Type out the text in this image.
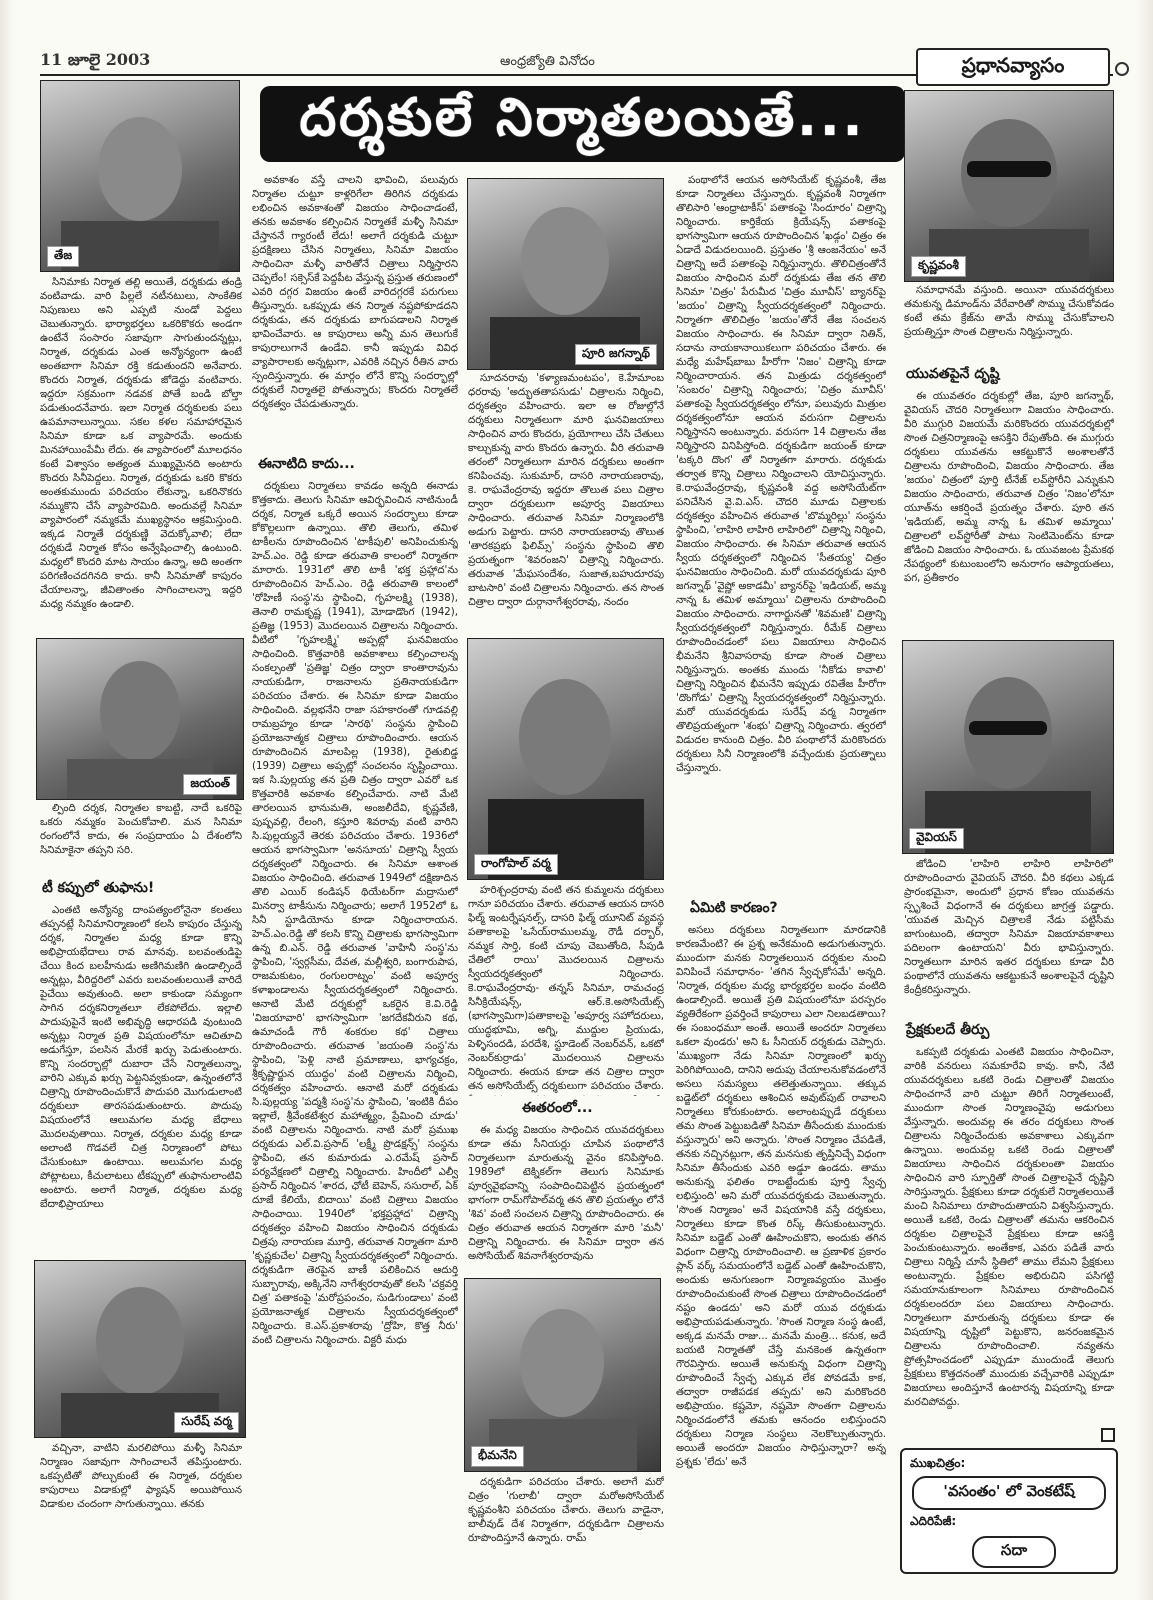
11 జూలై 2003	ఆంధ్రజ్యోతి వినోదం	ప్రధానవ్యాసం
దర్శకులే నిర్మాతలయితే...
తేజ
జయంత్
సురేష్ వర్మ
పూరి జగన్నాథ్
రాంగోపాల్ వర్మ
భీమనేని
కృష్ణవంశీ
వైవియస్

సినిమాకు నిర్మాత తల్లి అయితే, దర్శకుడు తండ్రి వంటివాడు. వారి పిల్లలే నటీనటులు, సాంకేతిక నిపుణులు అని ఎప్పటి నుండో పెద్దలు చెబుతున్నారు. భార్యాభర్తలు ఒకరికొకరు అండగా ఉంటేనే సంసారం సజావుగా సాగుతుందన్నట్లు, నిర్మాత, దర్శకుడు ఎంత అన్యోన్యంగా ఉంటే అంతబాగా సినిమా రక్తి కడుతుందని అనేవారు. కొందరు నిర్మాత, దర్శకుడు జోడెద్దు వంటివారు. ఇద్దరూ సక్రమంగా నడవక పోతే బండి బోల్తా పడుతుందనేవారు. ఇలా నిర్మాత దర్శకులకు పలు ఉపమానాలున్నాయి. సకల కళల సమాహారమైన సినిమా కూడా ఒక వ్యాపారమే. అందుకు మినహాయింపేమీ లేదు. ఈ వ్యాపారంలో మూలధనం కంటే విశ్వాసం అత్యంత ముఖ్యమైనది అంటారు కొందరు సినీపెద్దలు. నిర్మాత, దర్శకుడు ఒకరి కొకరు అంతకుముందు పరిచయం లేకున్నా, ఒకరినొకరు నమ్ముకొని చేసే వ్యాపారమిది. అందువల్లే సినిమా వ్యాపారంలో నమ్మకమే ముఖ్యస్థానం ఆక్రమిస్తుంది. ఇక్కడ నిర్మాతే దర్శకుణ్ణి వెదుక్కోవాలి; లేదా దర్శకుడే నిర్మాత కోసం అన్వేషించాల్సి ఉంటుంది. మధ్యలో కొందరి మాట సాయం ఉన్నా, అది అంతగా పరిగణించదగినది కాదు. కానీ సినిమాతో కాపురం చేయాలన్నా, జీవితాంతం సాగించాలన్నా ఇద్దరి మధ్య నమ్మకం ఉండాలి.

ల్పింది దర్శక, నిర్మాతల కాబట్టి, నాదే ఒకరిపై ఒకరు నమ్మకం పెంచుకోవాలి. మన సినిమా రంగంలోనే కాదు, ఈ సంప్రదాయం ఏ దేశంలోని సినిమాకైనా తప్పని సరి.

టీ కప్పులో తుఫాను!

ఎంతటి అన్యోన్య దాంపత్యంలోనైనా కలతలు తప్పనట్లే సినిమానిర్మాణంలో కలసి కాపురం చేస్తున్న దర్శక, నిర్మాతల మధ్య కూడా కొన్ని అభిప్రాయభేదాలు రావ మానవు. బలవంతుడిపై చేయి కింద బలహీనుడు అణిగిమణిగి ఉండాల్సిందే అన్నట్లు, వీరిద్దరిలో ఎవరు బలవంతులయితే వారిదే పైచేయి అవుతుంది. అలా కాకుండా సమ్యంగా సాగిన దర్శకనిర్మాతలూ లేకపోలేదు. ఇల్లాలి పాదుపుపైనే ఇంటి అభివృద్ధి ఆధారపడి వుంటుంది అన్నట్లు నిర్మాత ప్రతి విషయంలోనూ ఆచితూచి అడుగేస్తూ, పలసిన మేరకే ఖర్చు పెడుతుంటారు. కొన్ని సందర్భాల్లో దుబారా చేసే నిర్మాతలున్నా, వారిని ఎక్కువ ఖర్చు పెట్టనివ్వకుండా, ఉన్నంతలోనే చిత్రాన్ని రూపొందించుకొనే పొదుపరి మొగుడులాంటి దర్శకులూ తారసపడుతుంటారు. పొదుపు విషయంలోనే ఆలుమగల మధ్య బేధాలు మొదలవుతాయి. నిర్మాత, దర్శకుల మధ్య కూడా అలాంటి గొడవలే చిత్ర నిర్మాణంలో పోటు చేసుకుంటూ ఉంటాయి. అలుమగల మధ్య పోట్లాటలు, కీచులాటలు టీకప్పులో తుఫానులాంటివి అంటారు. అలాగే నిర్మాత, దర్శకుల మధ్య బేదాభిప్రాయాలు

వచ్చినా, వాటిని మరలిపోయి మళ్ళీ సినిమా నిర్మాణం సజావుగా సాగించాలనే తపిస్తుంటారు. ఒకప్పటితో పోల్చుకుంటే ఈ నిర్మాత, దర్శకుల కాపురాలు విడాకుల్లో ఫ్యాషన్ అయిపోయిన విడాకుల చందంగా సాగుతున్నాయి. తనకు

అవకాశం వస్తే చాలని భావించి, పలువురు నిర్మాతల చుట్టూ కాళ్లరిగేలా తిరిగిన దర్శకుడు లభించిన అవకాశంతో విజయం సాధించాడంటే, తనకు అవకాశం కల్పించిన నిర్మాతకే మళ్ళీ సినిమా చేస్తాననే గ్యారంటీ లేదు! అలాగే దర్శకుడి చుట్టూ ప్రదక్షిణలు చేసిన నిర్మాతలు, సినిమా విజయం సాధించినా మళ్ళీ వారితోనే చిత్రాలు నిర్మిస్తారని చెప్పలేం! సక్సెస్‌కే పెద్దపీట వేస్తున్న ప్రస్తుత తరుణంలో ఎవరి దగ్గర విజయం ఉంటే వారిదగ్గరకే పరుగులు తీస్తున్నారు. ఒకప్పుడు తన నిర్మాత నష్టపోకూడదని దర్శకుడు, తన దర్శకుడు బాగుపడాలని నిర్మాత భావించేవారు. ఆ కాపురాలు అన్నీ మన తెలుగుకే కాపురాలుగానే ఉండేవి. కానీ ఇప్పుడు వివిధ వ్యాపారాలకు అన్నట్లుగా, ఎవరికి నచ్చిన రీతిన వారు స్పందిస్తున్నారు. ఈ మార్గం లోనే కొన్ని సందర్భాల్లో దర్శకులే నిర్మాతలై పోతున్నారు; కొందరు నిర్మాతలే దర్శకత్వం చేపడుతున్నారు.

ఈనాటిది కాదు...

దర్శకులు నిర్మాతలు కావడం అన్నది ఈనాడు కొత్తకాదు. తెలుగు సినిమా ఆవిర్భవించిన నాటినుండీ దర్శక, నిర్మాత ఒక్కరే అయిన సందర్భాలు కూడా కోకొల్లలుగా ఉన్నాయి. తొలి తెలుగు, తమిళ టాకీలను రూపొందించిన 'టాకీపులి' అనిపించుకున్న హెచ్.ఎం. రెడ్డి కూడా తరువాతి కాలంలో నిర్మాతగా మారారు. 1931లో తొలి టాకీ 'భక్త ప్రహ్లాద'ను రూపొందించిన హెచ్.ఎం. రెడ్డి తరువాతి కాలంలో 'రోహిణీ సంస్థ'ను స్థాపించి, గృహలక్ష్మి (1938), తెనాలి రామకృష్ణ (1941), మోడాడొంగ (1942), ప్రతిజ్ఞ (1953) మొదలయిన చిత్రాలను నిర్మించారు. వీటిలో 'గృహలక్ష్మి' అప్పట్లో ఘనవిజయం సాధించింది. కొత్తవారికి అవకాశాలు కల్పించాలన్న సంకల్పంతో 'ప్రతిజ్ఞ' చిత్రం ద్వారా కాంతారావును నాయకుడిగా, రాజనాలను ప్రతినాయకుడిగా పరిచయం చేశారు. ఈ సినిమా కూడా విజయం సాధించింది. వల్లభనేని రాజా సహకారంతో గూడవల్లి రామబ్రహ్మం కూడా 'సారథి' సంస్థను స్థాపించి ప్రయోజనాత్మక చిత్రాలు రూపొందించారు. ఆయన రూపొందించిన మాలపిల్ల (1938), రైతుబిడ్డ (1939) చిత్రాలు అప్పట్లో సంచలనం సృష్టించాయి. ఇక సి.పుల్లయ్య తన ప్రతి చిత్రం ద్వారా ఎవరో ఒక కొత్తవారికి అవకాశం కల్పించేవారు. నాటి మేటి తారలయిన భానుమతి, అంజలీదేవి, కృష్ణవేణి, పుష్పవల్లి, రేలంగి, కస్తూరి శివరావు వంటి వారిని సి.పుల్లయ్యనే తెరకు పరిచయం చేశారు. 1936లో ఆయన భాగస్వామిగా 'అనసూయ' చిత్రాన్ని స్వీయ దర్శకత్వంలో నిర్మించారు. ఈ సినిమా ఆశాంత విజయం సాధించింది. తరువాత 1949లో దక్షిణాదిన తొలి ఎయిర్ కండిషన్ థియేటర్‌గా మద్రాసులో మినర్వా టాకీసును నిర్మించారు; అలాగే 1952లో ఓ సినీ స్టూడియోను కూడా నిర్మించారాయన. హెచ్.ఎం.రెడ్డి తో కలసి కొన్ని చిత్రాలకు భాగస్వామిగా ఉన్న బి.ఎన్. రెడ్డి తరువాత 'వాహినీ సంస్థ'ను స్థాపించి, 'స్వర్గసీమ, దేవత, మల్లీశ్వరి, బంగారుపాప, రాజమకుటం, రంగులరాట్నం' వంటి అపూర్వ కళాఖండాలను స్వీయదర్శకత్వంలో నిర్మించారు. ఆనాటి మేటి దర్శకుల్లో ఒకరైన కె.వి.రెడ్డి 'విజయావారి' భాగస్వామిగా 'జగదేకవీరుని కథ, ఉమాచండీ గౌరీ శంకరుల కథ' చిత్రాలు రూపొందించారు. తరువాత 'జయంతి సంస్థ'ను స్థాపించి, 'పెళ్లి నాటి ప్రమాణాలు, భాగ్యచక్రం, శ్రీకృష్ణార్జున యుద్ధం' వంటి చిత్రాలను నిర్మించి, దర్శకత్వం వహించారు. ఆనాటి మరో దర్శకుడు సి.పుల్లయ్య 'పద్మశ్రీ సంస్థ'ను స్థాపించి, 'ఇంటికి దీపం ఇల్లాలే, శ్రీవేంకటేశ్వర మహాత్మ్యం, ప్రేమించి చూడు' వంటి చిత్రాలను నిర్మించారు. నాటి మరో ప్రముఖ దర్శకుడు ఎల్.వి.ప్రసాద్ 'లక్ష్మీ ప్రొడక్షన్స్' సంస్థను స్థాపించి, తన కుమారుడు ఎ.రమేష్ ప్రసాద్ పర్యవేక్షణలో చిత్రాల్ని నిర్మించారు. హిందీలో ఎల్వీ ప్రసాద్ నిర్మించిన 'శారద, ఛోటీ బెహెన్, ససురాల్, ఏక్ దూజే కేలియే, బిదాయి' వంటి చిత్రాలు విజయం సాధించాయి. 1940లో 'భక్తప్రహ్లాద' చిత్రాన్ని దర్శకత్వం వహించి విజయం సాధించిన దర్శకుడు చిత్రపు నారాయణ మూర్తి, తరువాత నిర్మాతగా మారి 'కృష్ణకుచేల' చిత్రాన్ని స్వీయదర్శకత్వంలో నిర్మించారు. దర్శకుడిగా తెరపైన బాణీ పలికించిన ఆదుర్తి సుబ్బారావు, అక్కినేని నాగేశ్వరరావుతో కలసి 'చక్రవర్తి చిత్ర' పతాకంపై 'మరోప్రపంచం, సుడిగుండాలు' వంటి ప్రయోజనాత్మక చిత్రాలను స్వీయదర్శకత్వంలో నిర్మించారు. కె.ఎస్.ప్రకాశరావు 'ద్రోహి, కొత్త నీరు' వంటి చిత్రాలను నిర్మించారు. విక్టరీ మధు

సూదనరావు 'కళ్యాణమంటపం', కె.హేమాంబ ధరరావు 'అద్భుతతాపసుడు' చిత్రాలను నిర్మించి, దర్శకత్వం వహించారు. ఇలా ఆ రోజుల్లోనే దర్శకులు నిర్మాతలుగా మారి ఘనవిజయాలు సాధించిన వారు కొందరు, ప్రయోగాలు చేసి చేతులు కాల్చుకున్న వారు కొందరు ఉన్నారు. వీరి తరువాతి తరంలో నిర్మాతలుగా మారిన దర్శకులు అంతగా కనిపించవు. సుకుమార్, దాసరి నారాయణరావు, కె. రాఘవేంద్రరావు ఇద్దరూ తొలుత పలు చిత్రాల ద్వారా దర్శకులుగా అపూర్వ విజయాలు సాధించారు. తరువాత సినిమా నిర్మాణంలోకి అడుగు పెట్టారు. దాసరి నారాయణరావు తొలుత 'తారకప్రభు ఫిలిమ్స్' సంస్థను స్థాపించి తొలి ప్రయత్నంగా 'శివరంజని' చిత్రాన్ని నిర్మించారు. తరువాత 'మేఘసందేశం, సుజాత,బహుదూరపు బాటసారి' వంటి చిత్రాలను నిర్మించారు. తన సొంత చిత్రాల ద్వారా దుర్గానాగేశ్వరరావు, నందం

హరిశ్చంద్రరావు వంటి తన కుమ్మలను దర్శకులు గానూ పరిచయం చేశారు. తరువాత ఆయన దాసరి ఫిల్మ్ ఇంటర్నేషనల్స్, దాసరి ఫిల్మ్ యూనిట్ వ్యవస్థ పతాకాలపై 'ఒసేయ్‌రాములమ్మ, రౌడీ దర్బార్, నమ్మక సార్తి, కంటి చూపు చెబుతోంది, సీపుడి చేతిలో రాయి' మొదలయిన చిత్రాలను స్వీయదర్శకత్వంలో నిర్మించారు. కె.రాఘవేంద్రరావు- తన్నస్ సినిమా, రామచంద్ర సినీక్రియేషన్స్, ఆర్.కె.అసోసియేట్స్ (భాగస్వామిగా)పతాకాలపై 'అపూర్వ సహోదరులు, యుద్ధభూమి, అగ్ని, ముద్దుల ప్రియుడు, పెళ్ళిసందడి, పరదేశి, స్టూడెంట్ నెంబర్‌వన్, ఒకటో నెంబర్‌కుర్రాడు' మొదలయిన చిత్రాలను నిర్మించారు. ఈయన కూడా తన చిత్రాల ద్వారా తన అసోసియేట్స్ దర్శకులుగా పరిచయం చేశారు.

ఈతరంలో...

ఈ మధ్య విజయం సాధించిన యువదర్శకులు కూడా తమ సీనియర్లు చూపిన పంథాలోనే నిర్మాతలుగా మారుతున్న వైనం కనిపిస్తోంది. 1989లో టెక్నికల్‌గా తెలుగు సినిమాకు పూర్వవైభవాన్ని సంపాదించిపెట్టిన ప్రయత్నంలో భాగంగా రామ్‌గోపాల్‌వర్మ తన తొలి ప్రయత్నం లోనే 'శివ' వంటి సంచలన చిత్రాన్ని రూపొందించారు. ఈ చిత్రం తరువాత ఆయన నిర్మాతగా మారి 'మనీ' చిత్రాన్ని నిర్మించారు. ఈ సినిమా ద్వారా తన అసోసియేట్ శివనాగేశ్వరరావును

దర్శకుడిగా పరిచయం చేశారు. అలాగే మరో చిత్రం 'గులాబీ' ద్వారా మరోఅసోసియేట్ కృష్ణవంశీని పరిచయం చేశారు. తెలుగు వాడైనా, బాలీవుడ్ దేశ నిర్మాతగా, దర్శకుడిగా చిత్రాలను రూపొందిస్తూనే ఉన్నారు. రామ్

పంథాలోనే ఆయన అసోసియేట్ కృష్ణవంశీ, తేజ కూడా నిర్మాతలు చేస్తున్నారు. కృష్ణవంశీ నిర్మాతగా తొలిసారి 'ఆంధ్రాటాకీస్' పతాకంపై 'సిందూరం' చిత్రాన్ని నిర్మించారు. కార్తికేయ క్రియేషన్స్ పతాకంపై భాగస్వామిగా ఆయన రూపొందించిన 'ఖడ్గం' చిత్రం ఈ ఏడాదే విడుదలయింది. ప్రస్తుతం 'శ్రీ ఆంజనేయం' అనే చిత్రాన్ని అదే పతాకంపై నిర్మిస్తున్నారు. తొలిచిత్రంతోనే విజయం సాధించిన మరో దర్శకుడు తేజ తన తొలి సినిమా 'చిత్రం' పేరుమీద 'చిత్రం మూవీస్' బ్యానర్‌పై 'జయం' చిత్రాన్ని స్వీయదర్శకత్వంలో నిర్మించారు. నిర్మాతగా తొలిచిత్రం 'జయం'తోనే తేజ సంచలన విజయం సాధించారు. ఈ సినిమా ద్వారా నితిన్, సదాను నాయకానాయికలుగా పరిచయం చేశారు. ఈ మధ్యే మహేష్‌బాబు హీరోగా 'నిజం' చిత్రాన్ని కూడా నిర్మించారాయన. తన మిత్రుడు దర్శకత్వంలో 'సంబరం' చిత్రాన్ని నిర్మించారు; 'చిత్రం మూవీస్' పతాకంపై స్వీయదర్శకత్వం లోనూ, పలువురు మిత్రుల దర్శకత్వంలోనూ ఆయన వరుసగా చిత్రాలను నిర్మిస్తానని అంటున్నారు. వరుసగా 14 చిత్రాలను తేజ నిర్మిస్తారని వినిపిస్తోంది. దర్శకుడిగా జయంత్ కూడా 'టక్కరి దొంగ' తో నిర్మాతగా మారారు. దర్శకుడు తర్వాత కొన్ని చిత్రాలు నిర్మించాలని యోచిస్తున్నారు. కె.రాఘవేంద్రరావు, కృష్ణవంశీ వద్ద అసోసియేట్‌గా పనిచేసిన వై.వి.ఎస్. చౌదరి మూడు చిత్రాలకు దర్శకత్వం వహించిన తరువాత 'బొమ్మరిల్లు' సంస్థను స్థాపించి, 'లాహిరి లాహిరి లాహిరిలో' చిత్రాన్ని నిర్మించి, విజయం సాధించారు. ఈ సినిమా తరువాత ఆయన స్వీయ దర్శకత్వంలో నిర్మించిన 'సీతయ్య' చిత్రం ఘనవిజయం సాధించింది. మరో యువదర్శకుడు పూరి జగన్నాథ్ 'వైష్ణో అకాడమీ' బ్యానర్‌పై 'ఇడియట్, అమ్మ నాన్న ఓ తమిళ అమ్మాయి' చిత్రాలను రూపొందించి విజయం సాధించారు. నాగార్జునతో 'శివమణి' చిత్రాన్ని స్వీయదర్శకత్వంలో నిర్మిస్తున్నారు. రీమేక్ చిత్రాలు రూపొందించడంలో పలు విజయాలు సాధించిన భీమనేని శ్రీనివాసరావు కూడా సొంత చిత్రాలు నిర్మిస్తున్నారు. అంతకు ముందు 'నీకోడు కావాలి' చిత్రాన్ని నిర్మించిన భీమనేని ఇప్పుడు రవితేజ హీరోగా 'దొంగోడు' చిత్రాన్ని స్వీయదర్శకత్వంలో నిర్మిస్తున్నారు. మరో యువదర్శకుడు సురేష్ వర్మ నిర్మాతగా తొలిప్రయత్నంగా 'శంభు' చిత్రాన్ని నిర్మించారు. త్వరలో విడుదల కానుంది చిత్రం. వీరి పంథాలోనే మరికొందరు దర్శకులు సినీ నిర్మాణంలోకి వచ్చేందుకు ప్రయత్నాలు చేస్తున్నారు.

ఏమిటి కారణం?

అసలు దర్శకులు నిర్మాతలుగా మారడానికి కారణమేంటి? ఈ ప్రశ్న అనేకమంది అడుగుతున్నారు. ముందుగా మనకు నిర్మాతలయిన దర్శకుల నుంచి వినిపించే సమాధానం- 'తగిన స్వేచ్ఛకోసమే' అన్నది. 'నిర్మాత, దర్శకుల మధ్య భార్యభర్తల బంధం వంటిది ఉండాల్సిందే. అయితే ప్రతి విషయంలోనూ పరస్పరం వ్యతిరేకంగా ప్రవర్తించే కాపురాలు ఎలా నిలబడతాయి? ఈ సంబంధమూ అంతే. అయితే అందరూ నిర్మాతలు ఒకలా వుండరు' అని ఓ సీనియర్ దర్శకుడు చెప్పారు. 'ముఖ్యంగా నేడు సినిమా నిర్మాణంలో ఖర్చు పెరిగిపోయింది, దానిని అదుపు చేయాలనుకోవడంలోనే అసలు సమస్యలు తలెత్తుతున్నాయి. తక్కువ బడ్జెట్‌లో దర్శకులు ఆశించిన అవుట్‌పుట్ రావాలని నిర్మాతలు కోరుకుంటారు. అలాంటప్పుడే దర్శకులు తమ సొంత పెట్టుబడితో సినిమా తీసేందుకు ముందుకు వస్తున్నారు' అని అన్నారు. 'సొంత నిర్మాణం చేపడితే, తనకు నచ్చినట్లుగా, తన మనసుకు తృప్తినిచ్చే విధంగా సినిమా తీసేందుకు ఎవరి అడ్డూ ఉండదు. తాము అనుకున్న ఫలితం రాబట్టేందుకు పూర్తి స్వేచ్ఛ లభిస్తుంది' అని మరో యువదర్శకుడు చెబుతున్నారు. 'సొంత నిర్మాణం' అనే విషయానికి వస్తే దర్శకులు, నిర్మాతలు కూడా కొంత రిస్క్ తీసుకుంటున్నారు. సినిమా బడ్జెట్ ఎంతో ఊహించుకొని, అందుకు తగిన విధంగా చిత్రాన్ని రూపొందించాలి. ఆ ప్రణాళిక ప్రకారం ప్లాన్ వర్క్ సమయంలోనే బడ్జెట్ ఎంతో ఊహించుకొని, అందుకు అనుగుణంగా నిర్మాణవ్యయం మొత్తం రూపొందించుకుంటే సొంత చిత్రాలు రూపొందించడంలో నష్టం ఉండదు' అని మరో యువ దర్శకుడు అభిప్రాయపడుతున్నారు. 'సొంత నిర్మాణ సంస్థ ఉంటే, అక్కడ మనమే రాజు... మనమే మంత్రి... కనుక, అదే బయటి నిర్మాతతో చేస్తే మనకెంత ఉన్నతంగా గౌరవిస్తారు. అయితే అనుకున్న విధంగా చిత్రాన్ని రూపొందించే స్వేచ్ఛ ఎక్కువ లేక పోవడమే కాక, తద్వారా రాజీపడక తప్పదు' అని మరికొందరి అభిప్రాయం. కష్టమో, నష్టమో సొంతగా చిత్రాలను నిర్మించడంలోనే తమకు ఆనందం లభిస్తుందని దర్శకులు నిర్మాణ సంస్థలు నెలకొల్పుతున్నారు. అయితే అందరూ విజయం సాధిస్తున్నారా? అన్న ప్రశ్నకు 'లేదు' అనే

సమాధానమే వస్తుంది. అయినా యువదర్శకులు తమకున్న డిమాండ్‌ను వేరేవారితో సొమ్ము చేసుకోవడం కంటే తమ క్రేజ్‌ను తామే సొమ్ము చేసుకోవాలని ప్రయత్నిస్తూ సొంత చిత్రాలను నిర్మిస్తున్నారు.

యువతపైనే దృష్టి

ఈ యువతరం దర్శకుల్లో తేజ, పూరి జగన్నాథ్, వైవియస్ చౌదరి నిర్మాతలుగా విజయం సాధించారు. వీరి ముగ్గురి విజయమే మరికొందరు యువదర్శకుల్లో సొంత చిత్రనిర్మాణంపై ఆసక్తిని రేపుతోంది. ఈ ముగ్గురు దర్శకులు యువతను ఆకట్టుకొనే అంశాలతోనే చిత్రాలను రూపొందించి, విజయం సాధించారు. తేజ 'జయం' చిత్రంలో పూర్తి టీనేజ్ లవ్‌స్టోరీని ఎన్నుకుని విజయం సాధించారు, తరువాత చిత్రం 'నిజం'లోనూ యూత్‌ను ఆకర్షించే ప్రయత్నం చేశారు. పూరి తన 'ఇడియట్, అమ్మ నాన్న ఓ తమిళ అమ్మాయి' చిత్రాలలో లవ్‌స్టోరీతో పాటు సెంటిమెంట్‌ను కూడా జోడించి విజయం సాధించారు. ఓ యువజంట ప్రేమకథ నేపథ్యంలో కుటుంబంలోని అనురాగం ఆప్యాయతలు, పగ, ప్రతీకారం

జోడించి 'లాహిరి లాహిరి లాహిరిలో' రూపొందించారు వైవియస్ చౌదరి. వీరి కథలు ఎక్కడ ప్రారంభమైనా, అందులో ప్రధాన కోణం యువతను స్పృశించే విధంగానే ఈ దర్శకులు జాగ్రత్త పడ్డారు. 'యువత మెచ్చిన చిత్రాలకే నేడు పట్టిసీమ బాగుంటుంది, తద్వారా సినిమా విజయావకాశాలు పదిలంగా ఉంటాయని' వీరు భావిస్తున్నారు. నిర్మాతలుగా మారిన ఇతర దర్శకులు కూడా వీరి పంథాలోనే యువతను ఆకట్టుకునే అంశాలపైనే దృష్టిని కేంద్రీకరిస్తున్నారు.

ప్రేక్షకులదే తీర్పు

ఒకప్పటి దర్శకుడు ఎంతటి విజయం సాధించినా, వారికి వనరులు సమకూరేవి కావు. కానీ, నేటి యువదర్శకులు ఒకటి రెండు చిత్రాలతో విజయం సాధించగానే వారి చుట్టూ తిరిగే నిర్మాతలుంటే, ముందుగా సొంత నిర్మాణంవైపు అడుగులు వేస్తున్నారు. అందువల్ల ఈ తరం దర్శకులు సొంత చిత్రాలను నిర్మించేందుకు అవకాశాలు ఎక్కువగా ఉన్నాయి. అందువల్ల ఒకటి రెండు చిత్రాలతో విజయాలు సాధించిన దర్శకులంతా విజయం సాధించిన వారి స్ఫూర్తితో సొంత చిత్రాలపైనే దృష్టిని సారిస్తున్నారు. ప్రేక్షకులు కూడా దర్శకులే నిర్మాతలయితే మంచి సినిమాలు రూపొందుతాయని విశ్వసిస్తున్నారు. అయితే ఒకటి, రెండు చిత్రాలతో తమను ఆకరించిన దర్శకుల చిత్రాలపైనే ప్రేక్షకులు కూడా ఆసక్తి పెంచుకుంటున్నారు. అంతేకాక, ఎవరు పడితే వారు చిత్రాలు నిర్మిస్తే చూసే స్థితిలో తాము లేమని ప్రేక్షకులు అంటున్నారు. ప్రేక్షకుల అభిరుచిని పసిగట్టి సమయానుకూలంగా సినిమాలు రూపొందించిన దర్శకులందరూ పలు విజయాలు సాధించారు. నిర్మాతలుగా మారుతున్న దర్శకులు కూడా ఈ విషయాన్ని దృష్టిలో పెట్టుకొని, జనరంజకమైన చిత్రాలను రూపొందించాలి. నవ్యతను ప్రోత్సహించడంలో ఎప్పుడూ ముందుండే తెలుగు ప్రేక్షకులు కొత్తదనంతో ముందుకు వచ్చేవారికి ఎప్పుడూ విజయాలు అందిస్తూనే ఉంటారన్న విషయాన్ని కూడా మరచిపోవద్దు.

ముఖచిత్రం:
'వసంతం' లో వెంకటేష్
ఎదిరిపేజీ:
సదా
